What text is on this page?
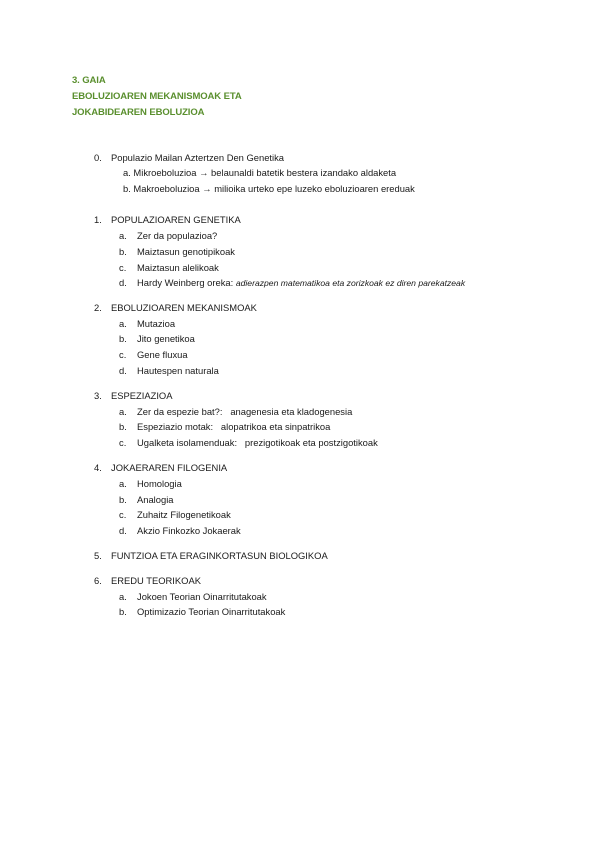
3. GAIA
EBOLUZIOAREN MEKANISMOAK ETA
JOKABIDEAREN EBOLUZIOA
0. Populazio Mailan Aztertzen Den Genetika
a. Mikroeboluzioa → belaunaldi batetik bestera izandako aldaketa
b. Makroeboluzioa → milioika urteko epe luzeko eboluzioaren ereduak
1. POPULAZIOAREN GENETIKA
a.	Zer da populazioa?
b.	Maiztasun genotipikoak
c.	Maiztasun alelikoak
d.	Hardy Weinberg oreka: adierazpen matematikoa eta zorizkoak ez diren parekatzeak
2. EBOLUZIOAREN MEKANISMOAK
a.	Mutazioa
b.	Jito genetikoa
c.	Gene fluxua
d.	Hautespen naturala
3. ESPEZIAZIOA
a.	Zer da espezie bat?: anagenesia eta kladogenesia
b.	Espeziazio motak: alopatrikoa eta sinpatrikoa
c.	Ugalketa isolamenduak: prezigotikoak eta postzigotikoak
4. JOKAERAREN FILOGENIA
a.	Homologia
b.	Analogia
c.	Zuhaitz Filogenetikoak
d.	Akzio Finkozko Jokaerak
5. FUNTZIOA ETA ERAGINKORTASUN BIOLOGIKOA
6. EREDU TEORIKOAK
a.	Jokoen Teorian Oinarritutakoak
b.	Optimizazio Teorian Oinarritutakoak
